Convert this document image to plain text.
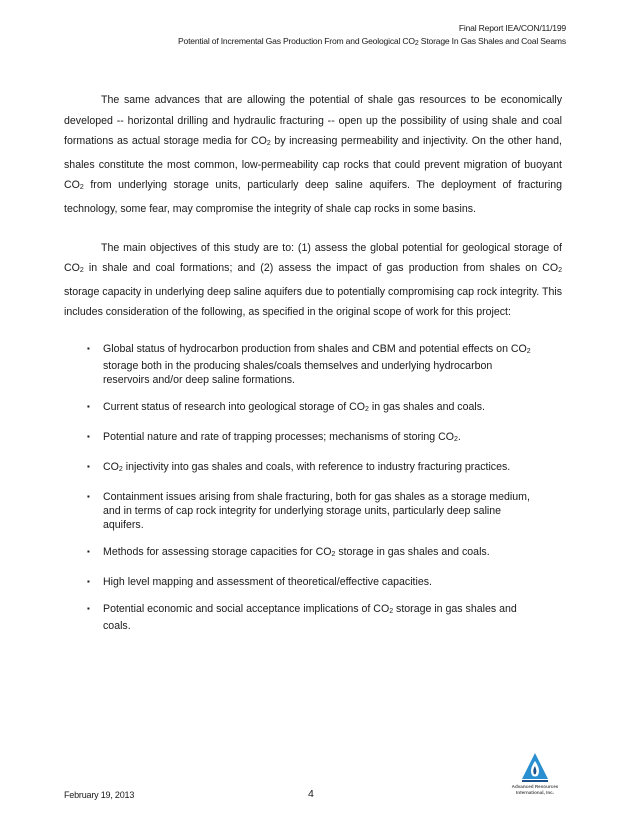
Final Report IEA/CON/11/199
Potential of Incremental Gas Production From and Geological $CO_2$ Storage In Gas Shales and Coal Seams

The same advances that are allowing the potential of shale gas resources to be economically developed -- horizontal drilling and hydraulic fracturing -- open up the possibility of using shale and coal formations as actual storage media for $CO_2$ by increasing permeability and injectivity. On the other hand, shales constitute the most common, low-permeability cap rocks that could prevent migration of buoyant $CO_2$ from underlying storage units, particularly deep saline aquifers. The deployment of fracturing technology, some fear, may compromise the integrity of shale cap rocks in some basins.

The main objectives of this study are to: (1) assess the global potential for geological storage of $CO_2$ in shale and coal formations; and (2) assess the impact of gas production from shales on $CO_2$ storage capacity in underlying deep saline aquifers due to potentially compromising cap rock integrity. This includes consideration of the following, as specified in the original scope of work for this project:

▪ Global status of hydrocarbon production from shales and CBM and potential effects on $CO_2$ storage both in the producing shales/coals themselves and underlying hydrocarbon reservoirs and/or deep saline formations.
▪ Current status of research into geological storage of $CO_2$ in gas shales and coals.
▪ Potential nature and rate of trapping processes; mechanisms of storing $CO_2$.
▪ $CO_2$ injectivity into gas shales and coals, with reference to industry fracturing practices.
▪ Containment issues arising from shale fracturing, both for gas shales as a storage medium, and in terms of cap rock integrity for underlying storage units, particularly deep saline aquifers.
▪ Methods for assessing storage capacities for $CO_2$ storage in gas shales and coals.
▪ High level mapping and assessment of theoretical/effective capacities.
▪ Potential economic and social acceptance implications of $CO_2$ storage in gas shales and coals.
February 19, 2013	4
Advanced Resources
International, Inc.
